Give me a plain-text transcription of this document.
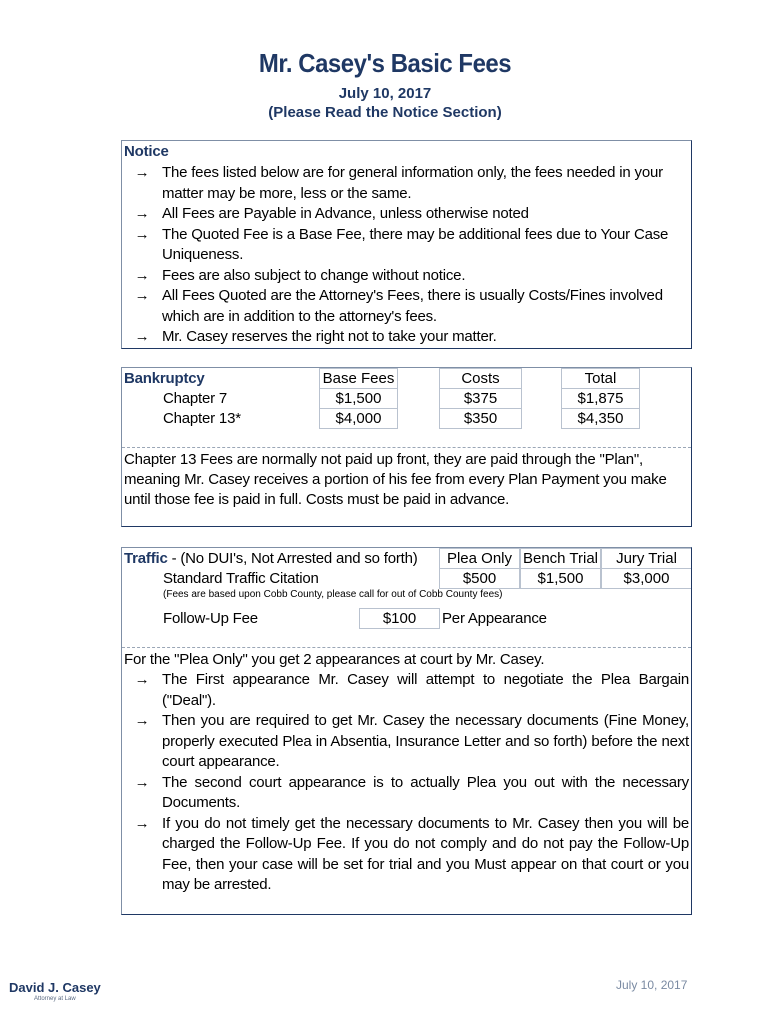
Mr. Casey's Basic Fees
July 10, 2017
(Please Read the Notice Section)
Notice
→ The fees listed below are for general information only, the fees needed in your
matter may be more, less or the same.
→ All Fees are Payable in Advance, unless otherwise noted
→ The Quoted Fee is a Base Fee, there may be additional fees due to Your Case
Uniqueness.
→ Fees are also subject to change without notice.
→ All Fees Quoted are the Attorney's Fees, there is usually Costs/Fines involved
which are in addition to the attorney's fees.
→ Mr. Casey reserves the right not to take your matter.
Bankruptcy
Chapter 7
Chapter 13*
Base Fees
$1,500
$4,000
Costs
$375
$350
Total
$1,875
$4,350
Chapter 13 Fees are normally not paid up front, they are paid through the "Plan",
meaning Mr. Casey receives a portion of his fee from every Plan Payment you make
until those fee is paid in full. Costs must be paid in advance.
Traffic - (No DUI's, Not Arrested and so forth)
Standard Traffic Citation
Plea Only
$500
Bench Trial
$1,500
Jury Trial
$3,000
(Fees are based upon Cobb County, please call for out of Cobb County fees)
Follow-Up Fee	$100	Per Appearance
For the "Plea Only" you get 2 appearances at court by Mr. Casey.
→ The First appearance Mr. Casey will attempt to negotiate the Plea Bargain ("Deal").
→ Then you are required to get Mr. Casey the necessary documents (Fine Money, properly executed Plea in Absentia, Insurance Letter and so forth) before the next court appearance.
→ The second court appearance is to actually Plea you out with the necessary Documents.
→ If you do not timely get the necessary documents to Mr. Casey then you will be charged the Follow-Up Fee. If you do not comply and do not pay the Follow-Up Fee, then your case will be set for trial and you Must appear on that court or you may be arrested.
David J. Casey
Attorney at Law
July 10, 2017
